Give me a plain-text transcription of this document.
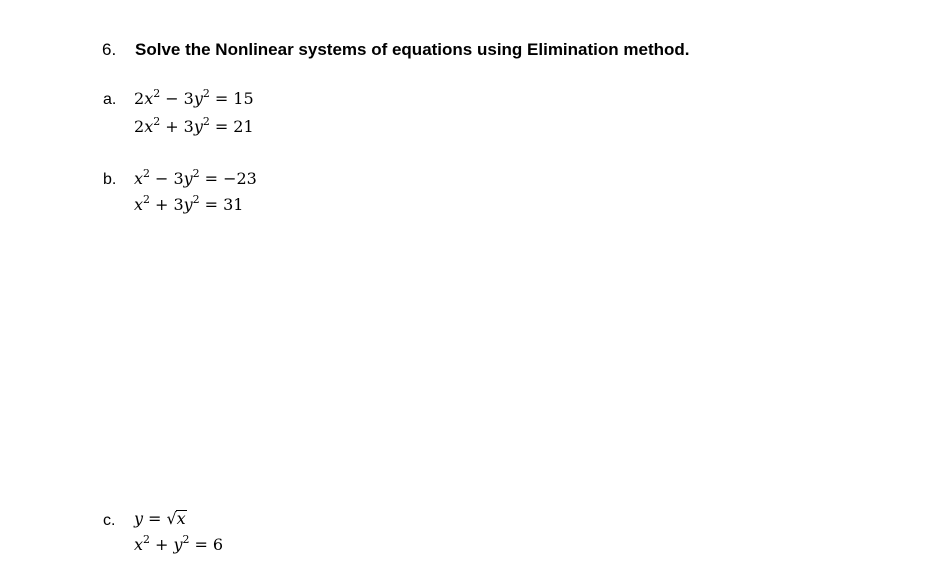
6. Solve the Nonlinear systems of equations using Elimination method.
a. $2x^2 - 3y^2 = 15$
$2x^2 + 3y^2 = 21$
b. $x^2 - 3y^2 = -23$
$x^2 + 3y^2 = 31$
c. y = √x
$x^2 + y^2 = 6$
